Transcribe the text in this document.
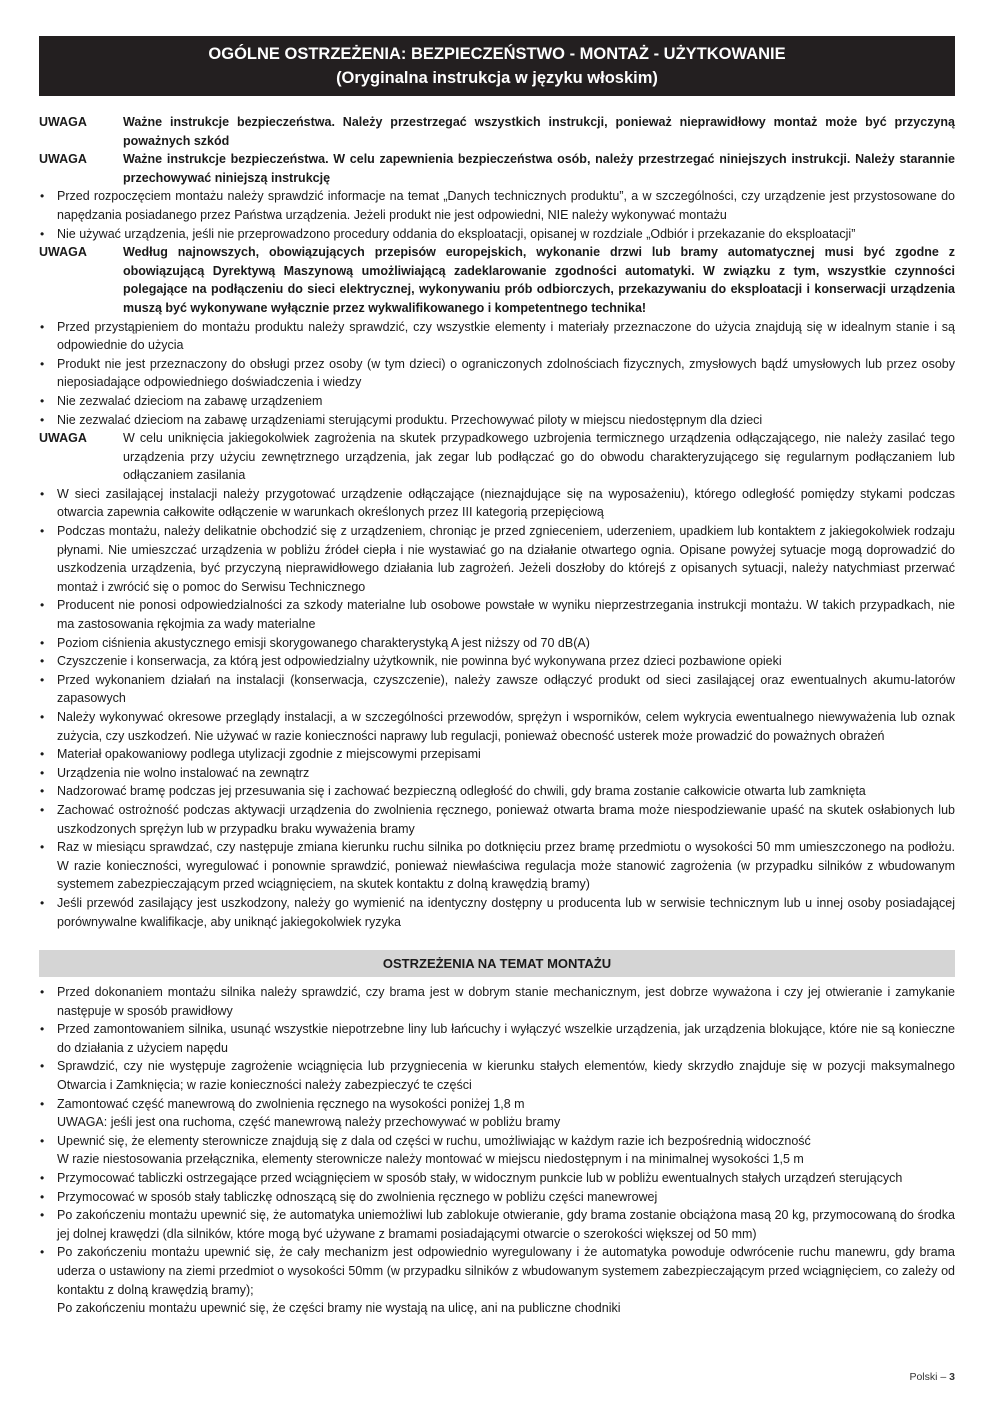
OGÓLNE OSTRZEŻENIA: BEZPIECZEŃSTWO - MONTAŻ - UŻYTKOWANIE
(Oryginalna instrukcja w języku włoskim)
UWAGA	Ważne instrukcje bezpieczeństwa. Należy przestrzegać wszystkich instrukcji, ponieważ nieprawidłowy montaż może być przyczyną poważnych szkód
UWAGA	Ważne instrukcje bezpieczeństwa. W celu zapewnienia bezpieczeństwa osób, należy przestrzegać niniejszych instrukcji. Należy starannie przechowywać niniejszą instrukcję
•	Przed rozpoczęciem montażu należy sprawdzić informacje na temat „Danych technicznych produktu”, a w szczególności, czy urządzenie jest przystosowane do napędzania posiadanego przez Państwa urządzenia. Jeżeli produkt nie jest odpowiedni, NIE należy wykonywać montażu
•	Nie używać urządzenia, jeśli nie przeprowadzono procedury oddania do eksploatacji, opisanej w rozdziale „Odbiór i przekazanie do eksploatacji”
UWAGA	Według najnowszych, obowiązujących przepisów europejskich, wykonanie drzwi lub bramy automatycznej musi być zgodne z obowiązującą Dyrektywą Maszynową umożliwiającą zadeklarowanie zgodności automatyki. W związku z tym, wszystkie czynności polegające na podłączeniu do sieci elektrycznej, wykonywaniu prób odbiorczych, przekazywaniu do eksploatacji i konserwacji urządzenia muszą być wykonywane wyłącznie przez wykwalifikowanego i kompetentnego technika!
•	Przed przystąpieniem do montażu produktu należy sprawdzić, czy wszystkie elementy i materiały przeznaczone do użycia znajdują się w idealnym stanie i są odpowiednie do użycia
•	Produkt nie jest przeznaczony do obsługi przez osoby (w tym dzieci) o ograniczonych zdolnościach fizycznych, zmysłowych bądź umysłowych lub przez osoby nieposiadające odpowiedniego doświadczenia i wiedzy
•	Nie zezwalać dzieciom na zabawę urządzeniem
•	Nie zezwalać dzieciom na zabawę urządzeniami sterującymi produktu. Przechowywać piloty w miejscu niedostępnym dla dzieci
UWAGA	W celu uniknięcia jakiegokolwiek zagrożenia na skutek przypadkowego uzbrojenia termicznego urządzenia odłączającego, nie należy zasilać tego urządzenia przy użyciu zewnętrznego urządzenia, jak zegar lub podłączać go do obwodu charakteryzującego się regularnym podłączaniem lub odłączaniem zasilania
•	W sieci zasilającej instalacji należy przygotować urządzenie odłączające (nieznajdujące się na wyposażeniu), którego odległość pomiędzy stykami podczas otwarcia zapewnia całkowite odłączenie w warunkach określonych przez III kategorią przepięciową
•	Podczas montażu, należy delikatnie obchodzić się z urządzeniem, chroniąc je przed zgnieceniem, uderzeniem, upadkiem lub kontaktem z jakiegokolwiek rodzaju płynami. Nie umieszczać urządzenia w pobliżu źródeł ciepła i nie wystawiać go na działanie otwartego ognia. Opisane powyżej sytuacje mogą doprowadzić do uszkodzenia urządzenia, być przyczyną nieprawidłowego działania lub zagrożeń. Jeżeli doszłoby do którejś z opisanych sytuacji, należy natychmiast przerwać montaż i zwrócić się o pomoc do Serwisu Technicznego
•	Producent nie ponosi odpowiedzialności za szkody materialne lub osobowe powstałe w wyniku nieprzestrzegania instrukcji montażu. W takich przypadkach, nie ma zastosowania rękojmia za wady materialne
•	Poziom ciśnienia akustycznego emisji skorygowanego charakterystyką A jest niższy od 70 dB(A)
•	Czyszczenie i konserwacja, za którą jest odpowiedzialny użytkownik, nie powinna być wykonywana przez dzieci pozbawione opieki
•	Przed wykonaniem działań na instalacji (konserwacja, czyszczenie), należy zawsze odłączyć produkt od sieci zasilającej oraz ewentualnych akumu-latorów zapasowych
•	Należy wykonywać okresowe przeglądy instalacji, a w szczególności przewodów, sprężyn i wsporników, celem wykrycia ewentualnego niewyważenia lub oznak zużycia, czy uszkodzeń. Nie używać w razie konieczności naprawy lub regulacji, ponieważ obecność usterek może prowadzić do poważnych obrażeń
•	Materiał opakowaniowy podlega utylizacji zgodnie z miejscowymi przepisami
•	Urządzenia nie wolno instalować na zewnątrz
•	Nadzorować bramę podczas jej przesuwania się i zachować bezpieczną odległość do chwili, gdy brama zostanie całkowicie otwarta lub zamknięta
•	Zachować ostrożność podczas aktywacji urządzenia do zwolnienia ręcznego, ponieważ otwarta brama może niespodziewanie upaść na skutek osłabionych lub uszkodzonych sprężyn lub w przypadku braku wyważenia bramy
•	Raz w miesiącu sprawdzać, czy następuje zmiana kierunku ruchu silnika po dotknięciu przez bramę przedmiotu o wysokości 50 mm umieszczonego na podłożu. W razie konieczności, wyregulować i ponownie sprawdzić, ponieważ niewłaściwa regulacja może stanowić zagrożenia (w przypadku silników z wbudowanym systemem zabezpieczającym przed wciągnięciem, na skutek kontaktu z dolną krawędzią bramy)
•	Jeśli przewód zasilający jest uszkodzony, należy go wymienić na identyczny dostępny u producenta lub w serwisie technicznym lub u innej osoby posiadającej porównywalne kwalifikacje, aby uniknąć jakiegokolwiek ryzyka
OSTRZEŻENIA NA TEMAT MONTAŻU
•	Przed dokonaniem montażu silnika należy sprawdzić, czy brama jest w dobrym stanie mechanicznym, jest dobrze wyważona i czy jej otwieranie i zamykanie następuje w sposób prawidłowy
•	Przed zamontowaniem silnika, usunąć wszystkie niepotrzebne liny lub łańcuchy i wyłączyć wszelkie urządzenia, jak urządzenia blokujące, które nie są konieczne do działania z użyciem napędu
•	Sprawdzić, czy nie występuje zagrożenie wciągnięcia lub przygniecenia w kierunku stałych elementów, kiedy skrzydło znajduje się w pozycji maksymalnego Otwarcia i Zamknięcia; w razie konieczności należy zabezpieczyć te części
•	Zamontować część manewrową do zwolnienia ręcznego na wysokości poniżej 1,8 m
UWAGA: jeśli jest ona ruchoma, część manewrową należy przechowywać w pobliżu bramy
•	Upewnić się, że elementy sterownicze znajdują się z dala od części w ruchu, umożliwiając w każdym razie ich bezpośrednią widoczność
W razie niestosowania przełącznika, elementy sterownicze należy montować w miejscu niedostępnym i na minimalnej wysokości 1,5 m
•	Przymocować tabliczki ostrzegające przed wciągnięciem w sposób stały, w widocznym punkcie lub w pobliżu ewentualnych stałych urządzeń sterujących
•	Przymocować w sposób stały tabliczkę odnoszącą się do zwolnienia ręcznego w pobliżu części manewrowej
•	Po zakończeniu montażu upewnić się, że automatyka uniemożliwi lub zablokuje otwieranie, gdy brama zostanie obciążona masą 20 kg, przymocowaną do środka jej dolnej krawędzi (dla silników, które mogą być używane z bramami posiadającymi otwarcie o szerokości większej od 50 mm)
•	Po zakończeniu montażu upewnić się, że cały mechanizm jest odpowiednio wyregulowany i że automatyka powoduje odwrócenie ruchu manewru, gdy brama uderza o ustawiony na ziemi przedmiot o wysokości 50mm (w przypadku silników z wbudowanym systemem zabezpieczającym przed wciągnięciem, co zależy od kontaktu z dolną krawędzią bramy);
Po zakończeniu montażu upewnić się, że części bramy nie wystają na ulicę, ani na publiczne chodniki
Polski – 3
